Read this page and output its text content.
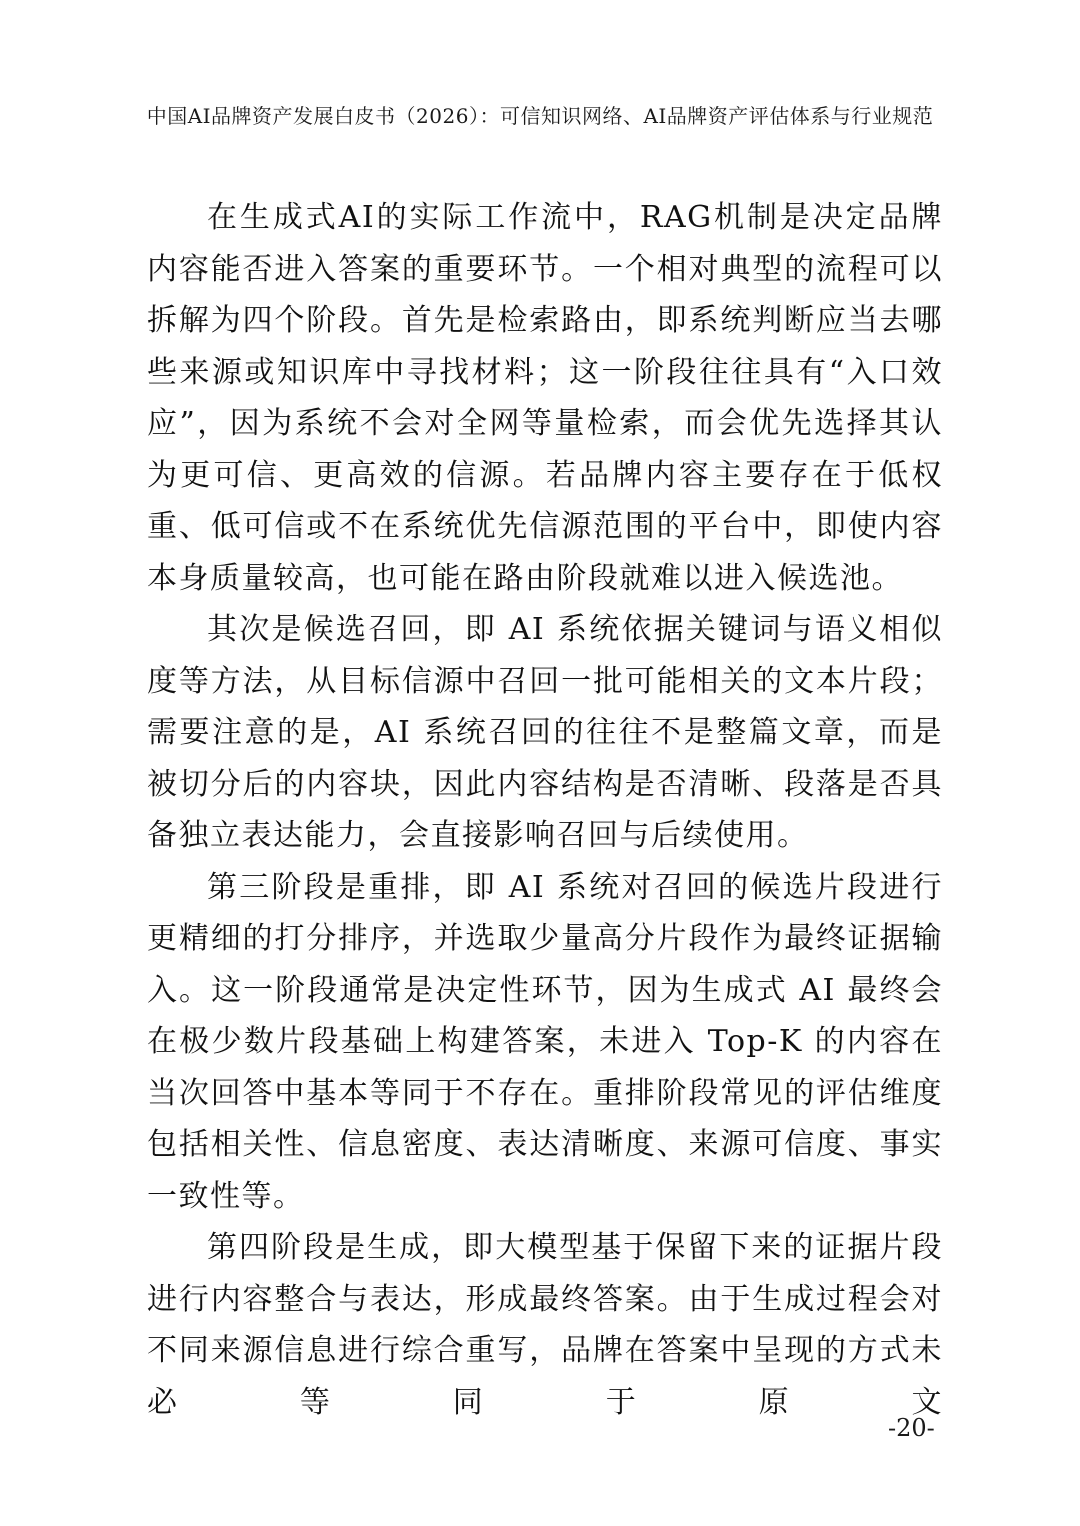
中国AI品牌资产发展白皮书（2026）：可信知识网络、AI品牌资产评估体系与行业规范

在生成式AI的实际工作流中，RAG机制是决定品牌内容能否进入答案的重要环节。一个相对典型的流程可以拆解为四个阶段。首先是检索路由，即系统判断应当去哪些来源或知识库中寻找材料；这一阶段往往具有“入口效应”，因为系统不会对全网等量检索，而会优先选择其认为更可信、更高效的信源。若品牌内容主要存在于低权重、低可信或不在系统优先信源范围的平台中，即使内容本身质量较高，也可能在路由阶段就难以进入候选池。

其次是候选召回，即 AI 系统依据关键词与语义相似度等方法，从目标信源中召回一批可能相关的文本片段；需要注意的是，AI 系统召回的往往不是整篇文章，而是被切分后的内容块，因此内容结构是否清晰、段落是否具备独立表达能力，会直接影响召回与后续使用。

第三阶段是重排，即 AI 系统对召回的候选片段进行更精细的打分排序，并选取少量高分片段作为最终证据输入。这一阶段通常是决定性环节，因为生成式 AI 最终会在极少数片段基础上构建答案，未进入 Top-K 的内容在当次回答中基本等同于不存在。重排阶段常见的评估维度包括相关性、信息密度、表达清晰度、来源可信度、事实一致性等。

第四阶段是生成，即大模型基于保留下来的证据片段进行内容整合与表达，形成最终答案。由于生成过程会对不同来源信息进行综合重写，品牌在答案中呈现的方式未必等同于原文

-20-
